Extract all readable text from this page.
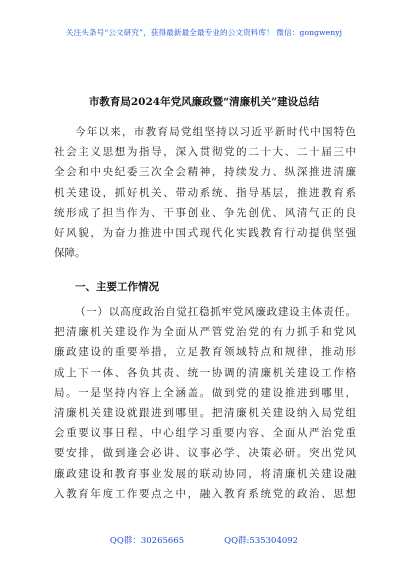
关注头条号“公文研究”，获得最新最全最专业的公文资料库！ 微信：gongwenyj
市教育局2024年党风廉政暨“清廉机关”建设总结
今年以来，市教育局党组坚持以习近平新时代中国特色
社会主义思想为指导，深入贯彻党的二十大、二十届三中
全会和中央纪委三次全会精神，持续发力、纵深推进清廉
机关建设，抓好机关、带动系统、指导基层，推进教育系
统形成了担当作为、干事创业、争先创优、风清气正的良
好风貌，为奋力推进中国式现代化实践教育行动提供坚强
保障。
一、主要工作情况
（一）以高度政治自觉扛稳抓牢党风廉政建设主体责任。
把清廉机关建设作为全面从严管党治党的有力抓手和党风
廉政建设的重要举措，立足教育领域特点和规律，推动形
成上下一体、各负其责、统一协调的清廉机关建设工作格
局。一是坚持内容上全涵盖。做到党的建设推进到哪里，
清廉机关建设就跟进到哪里。把清廉机关建设纳入局党组
会重要议事日程、中心组学习重要内容、全面从严治党重
要安排，做到逢会必讲、议事必学、决策必研。突出党风
廉政建设和教育事业发展的联动协同，将清廉机关建设融
入教育年度工作要点之中，融入教育系统党的政治、思想
QQ群：30265665	QQ群:535304092
